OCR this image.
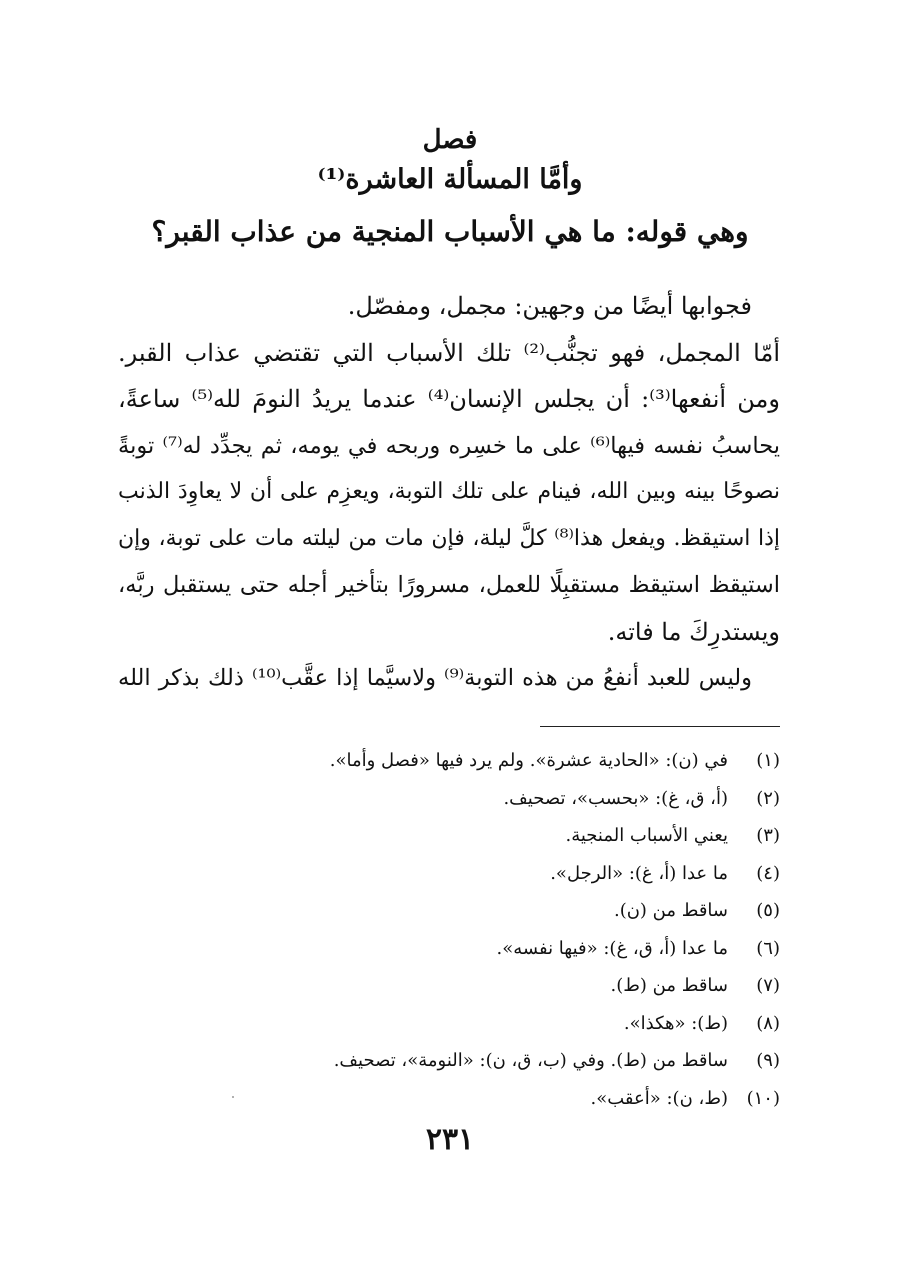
فصل
وأمَّا المسألة العاشرة⁽¹⁾
وهي قوله: ما هي الأسباب المنجية من عذاب القبر؟
فجوابها أيضًا من وجهين: مجمل، ومفصّل.
أمّا المجمل، فهو تجنُّب⁽²⁾ تلك الأسباب التي تقتضي عذاب القبر.
ومن أنفعها⁽³⁾: أن يجلس الإنسان⁽⁴⁾ عندما يريدُ النومَ لله⁽⁵⁾ ساعةً،
يحاسبُ نفسه فيها⁽⁶⁾ على ما خسِره وربحه في يومه، ثم يجدِّد له⁽⁷⁾ توبةً
نصوحًا بينه وبين الله، فينام على تلك التوبة، ويعزِم على أن لا يعاوِدَ الذنب
إذا استيقظ. ويفعل هذا⁽⁸⁾ كلَّ ليلة، فإن مات من ليلته مات على توبة، وإن
استيقظ استيقظ مستقبِلًا للعمل، مسرورًا بتأخير أجله حتى يستقبل ربَّه،
ويستدرِكَ ما فاته.
وليس للعبد أنفعُ من هذه التوبة⁽⁹⁾ ولاسيَّما إذا عقَّب⁽¹⁰⁾ ذلك بذكر الله
(١)في (ن): «الحادية عشرة». ولم يرد فيها «فصل وأما».
(٢)(أ، ق، غ): «بحسب»، تصحيف.
(٣)يعني الأسباب المنجية.
(٤)ما عدا (أ، غ): «الرجل».
(٥)ساقط من (ن).
(٦)ما عدا (أ، ق، غ): «فيها نفسه».
(٧)ساقط من (ط).
(٨)(ط): «هكذا».
(٩)ساقط من (ط). وفي (ب، ق، ن): «النومة»، تصحيف.
(١٠)(ط، ن): «أعقب».
٢٣١
